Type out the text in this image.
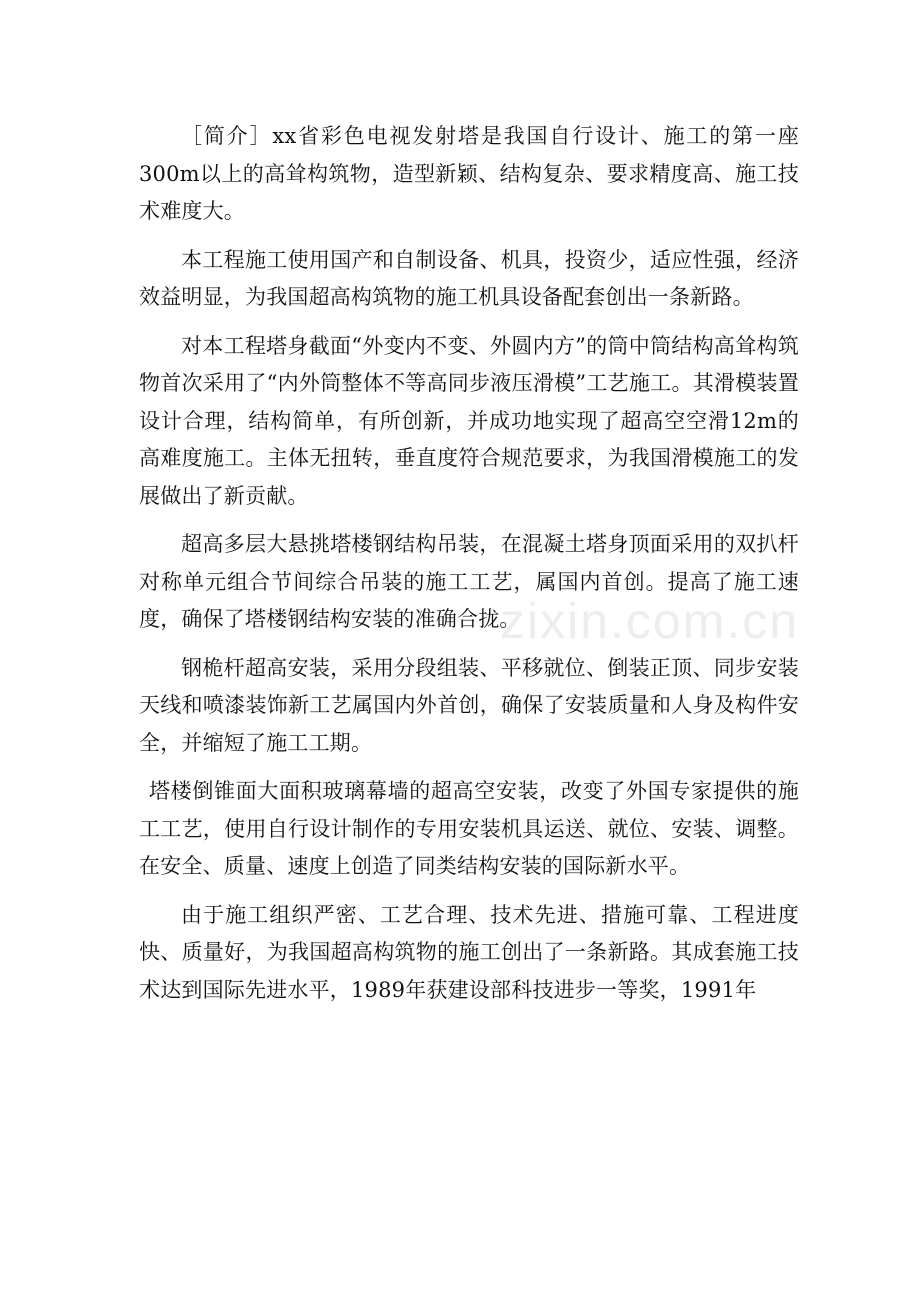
［简介］xx省彩色电视发射塔是我国自行设计、施工的第一座300m以上的高耸构筑物，造型新颖、结构复杂、要求精度高、施工技术难度大。

本工程施工使用国产和自制设备、机具，投资少，适应性强，经济效益明显，为我国超高构筑物的施工机具设备配套创出一条新路。

对本工程塔身截面“外变内不变、外圆内方”的筒中筒结构高耸构筑物首次采用了“内外筒整体不等高同步液压滑模”工艺施工。其滑模装置设计合理，结构简单，有所创新，并成功地实现了超高空空滑12m的高难度施工。主体无扭转，垂直度符合规范要求，为我国滑模施工的发展做出了新贡献。

超高多层大悬挑塔楼钢结构吊装，在混凝土塔身顶面采用的双扒杆对称单元组合节间综合吊装的施工工艺，属国内首创。提高了施工速度，确保了塔楼钢结构安装的准确合拢。

钢桅杆超高安装，采用分段组装、平移就位、倒装正顶、同步安装天线和喷漆装饰新工艺属国内外首创，确保了安装质量和人身及构件安全，并缩短了施工工期。

塔楼倒锥面大面积玻璃幕墙的超高空安装，改变了外国专家提供的施工工艺，使用自行设计制作的专用安装机具运送、就位、安装、调整。在安全、质量、速度上创造了同类结构安装的国际新水平。

由于施工组织严密、工艺合理、技术先进、措施可靠、工程进度快、质量好，为我国超高构筑物的施工创出了一条新路。其成套施工技术达到国际先进水平，1989年获建设部科技进步一等奖，1991年

zixin.com.cn
